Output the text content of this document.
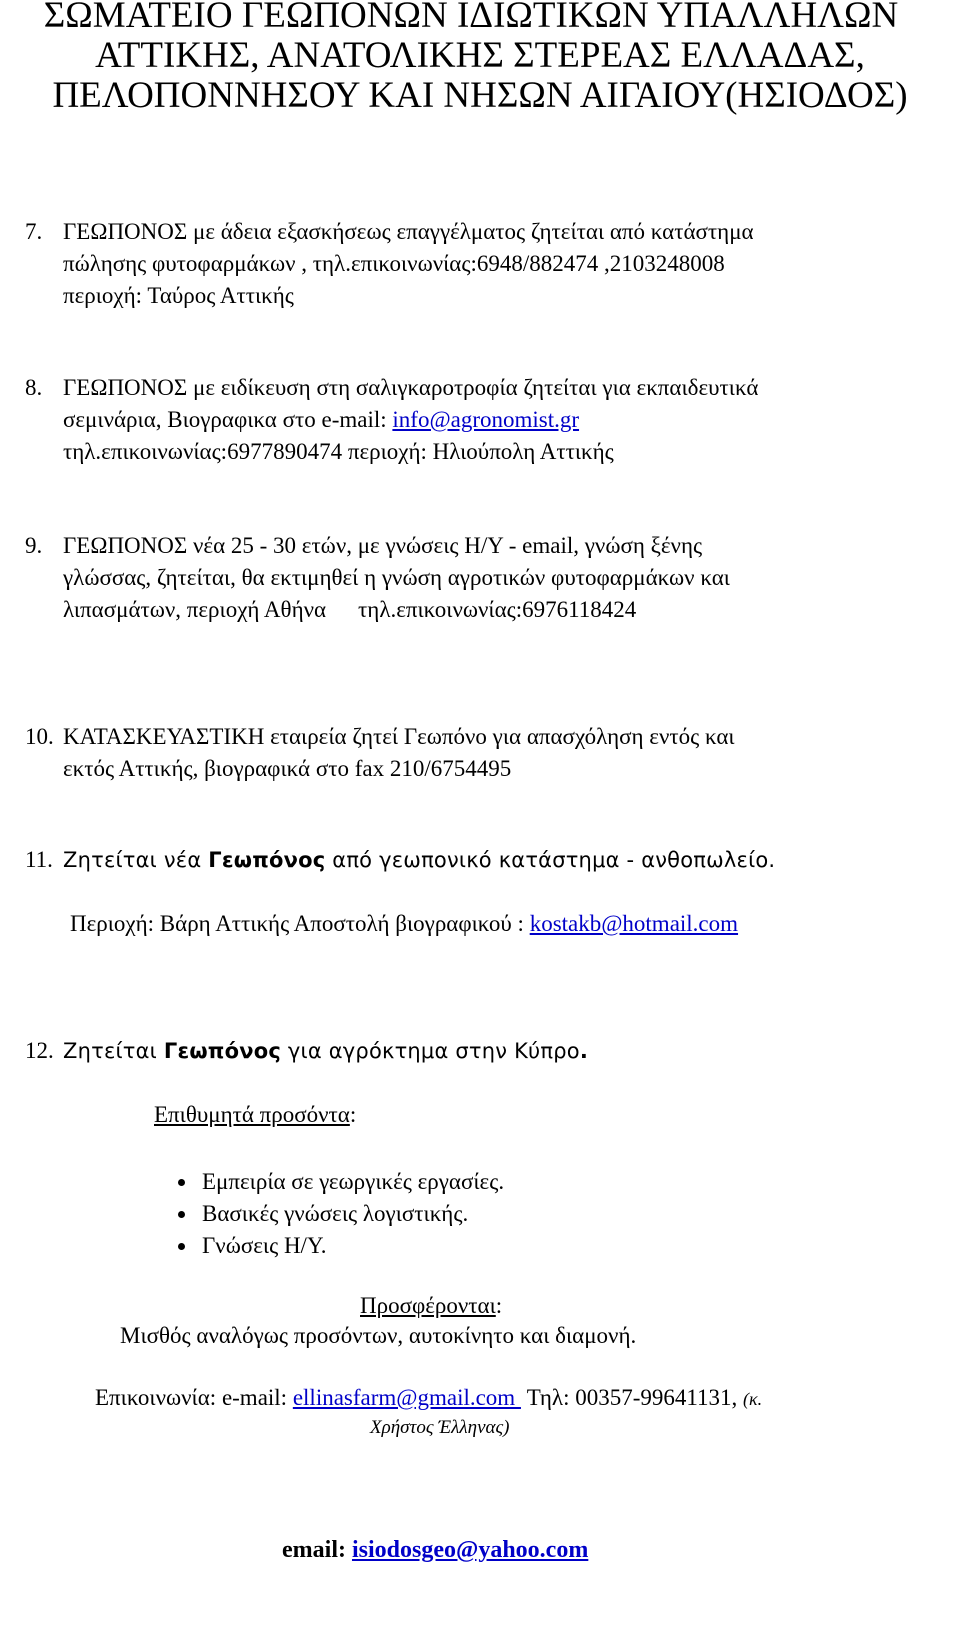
ΣΩΜΑΤΕΙΟ ΓΕΩΠΟΝΩΝ ΙΔΙΩΤΙΚΩΝ ΥΠΑΛΛΗΛΩΝ
ΑΤΤΙΚΗΣ, ΑΝΑΤΟΛΙΚΗΣ ΣΤΕΡΕΑΣ ΕΛΛΑΔΑΣ,
ΠΕΛΟΠΟΝΝΗΣΟΥ ΚΑΙ ΝΗΣΩΝ ΑΙΓΑΙΟΥ(ΗΣΙΟΔΟΣ)
7. ΓΕΩΠΟΝΟΣ με άδεια εξασκήσεως επαγγέλματος ζητείται από κατάστημα
πώλησης φυτοφαρμάκων , τηλ.επικοινωνίας:6948/882474 ,2103248008
περιοχή: Ταύρος Αττικής
8. ΓΕΩΠΟΝΟΣ με ειδίκευση στη σαλιγκαροτροφία ζητείται για εκπαιδευτικά
σεμινάρια, Βιογραφικα στο e-mail: info@agronomist.gr
τηλ.επικοινωνίας:6977890474 περιοχή: Ηλιούπολη Αττικής
9. ΓΕΩΠΟΝΟΣ νέα 25 - 30 ετών, με γνώσεις Η/Υ - email, γνώση ξένης
γλώσσας, ζητείται, θα εκτιμηθεί η γνώση αγροτικών φυτοφαρμάκων και
λιπασμάτων, περιοχή Αθήνα τηλ.επικοινωνίας:6976118424
10. ΚΑΤΑΣΚΕΥΑΣΤΙΚΗ εταιρεία ζητεί Γεωπόνο για απασχόληση εντός και
εκτός Αττικής, βιογραφικά στο fax 210/6754495
11. Ζητείται νέα Γεωπόνος από γεωπονικό κατάστημα - ανθοπωλείο.
Περιοχή: Βάρη Αττικής Αποστολή βιογραφικού : kostakb@hotmail.com
12. Ζητείται Γεωπόνος για αγρόκτημα στην Κύπρο.
Επιθυμητά προσόντα:
• Εμπειρία σε γεωργικές εργασίες.
• Βασικές γνώσεις λογιστικής.
• Γνώσεις Η/Υ.
Προσφέρονται:
Μισθός αναλόγως προσόντων, αυτοκίνητο και διαμονή.
Επικοινωνία: e-mail: ellinasfarm@gmail.com  Τηλ: 00357-99641131, (κ.
Χρήστος Έλληνας)
email: isiodosgeo@yahoo.com
